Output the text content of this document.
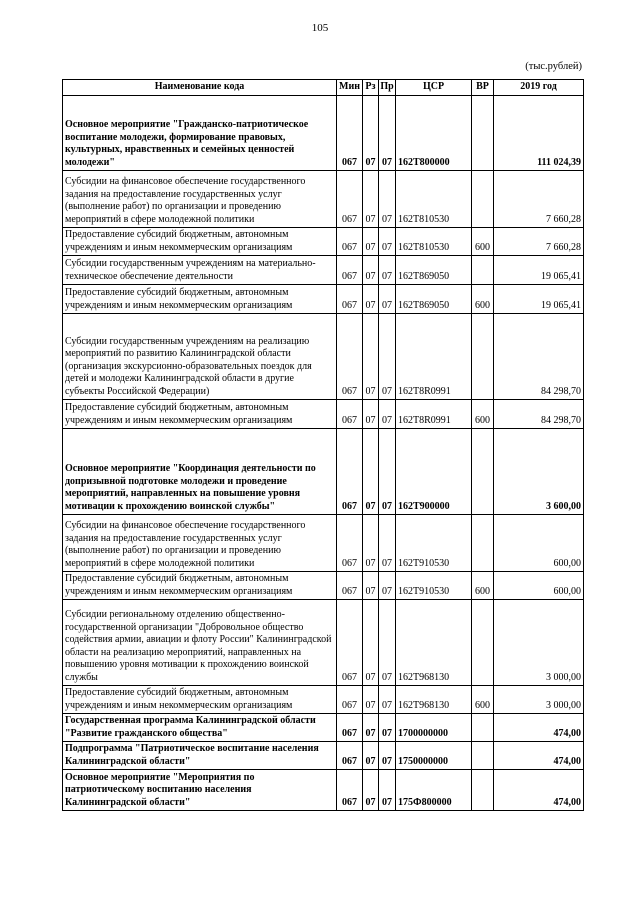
105
(тыс.рублей)
Наименование кода	Мин	Рз	Пр	ЦСР	ВР	2019 год
Основное мероприятие "Гражданско-патриотическое воспитание молодежи, формирование правовых, культурных, нравственных и семейных ценностей молодежи"	067	07	07	162Т800000		111 024,39
Субсидии на финансовое обеспечение государственного задания на предоставление государственных услуг (выполнение работ) по организации и проведению мероприятий в сфере молодежной политики	067	07	07	162Т810530		7 660,28
Предоставление субсидий бюджетным, автономным учреждениям и иным некоммерческим организациям	067	07	07	162Т810530	600	7 660,28
Субсидии государственным учреждениям на материально-техническое обеспечение деятельности	067	07	07	162Т869050		19 065,41
Предоставление субсидий бюджетным, автономным учреждениям и иным некоммерческим организациям	067	07	07	162Т869050	600	19 065,41
Субсидии государственным учреждениям на реализацию мероприятий по развитию Калининградской области (организация экскурсионно-образовательных поездок для детей и молодежи Калининградской области в другие субъекты Российской Федерации)	067	07	07	162Т8R0991		84 298,70
Предоставление субсидий бюджетным, автономным учреждениям и иным некоммерческим организациям	067	07	07	162Т8R0991	600	84 298,70
Основное мероприятие "Координация деятельности по допризывной подготовке молодежи и проведение мероприятий, направленных на повышение уровня мотивации к прохождению воинской службы"	067	07	07	162Т900000		3 600,00
Субсидии на финансовое обеспечение государственного задания на предоставление государственных услуг (выполнение работ) по организации и проведению мероприятий в сфере молодежной политики	067	07	07	162Т910530		600,00
Предоставление субсидий бюджетным, автономным учреждениям и иным некоммерческим организациям	067	07	07	162Т910530	600	600,00
Субсидии региональному отделению общественно-государственной организации "Добровольное общество содействия армии, авиации и флоту России" Калининградской области на реализацию мероприятий, направленных на повышению уровня мотивации к прохождению воинской службы	067	07	07	162Т968130		3 000,00
Предоставление субсидий бюджетным, автономным учреждениям и иным некоммерческим организациям	067	07	07	162Т968130	600	3 000,00
Государственная программа Калининградской области "Развитие гражданского общества"	067	07	07	1700000000		474,00
Подпрограмма "Патриотическое воспитание населения Калининградской области"	067	07	07	1750000000		474,00
Основное мероприятие "Мероприятия по патриотическому воспитанию населения Калининградской области"	067	07	07	175Ф800000		474,00
